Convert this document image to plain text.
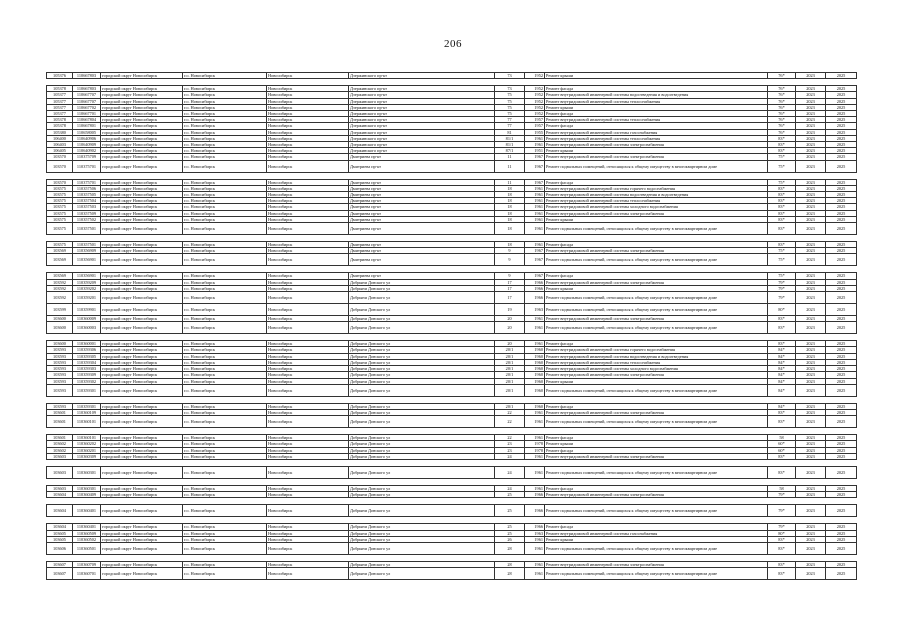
206
105376	110667803	городской округ Новосибирск	г.о. Новосибирск	Новосибирск	Дзержинского пр-кт	73	1952	Ремонт крыши	76*	2023	2025

105378	110667803	городской округ Новосибирск	г.о. Новосибирск	Новосибирск	Дзержинского пр-кт	73	1952	Ремонт фасада	76*	2023	2025
105377	110667707	городской округ Новосибирск	г.о. Новосибирск	Новосибирск	Дзержинского пр-кт	75	1952	Ремонт внутридомовой инженерной системы водоотведения и водоотведения	76*	2023	2025
105377	110667707	городской округ Новосибирск	г.о. Новосибирск	Новосибирск	Дзержинского пр-кт	75	1952	Ремонт внутридомовой инженерной системы теплоснабжения	76*	2023	2025
105377	110667702	городской округ Новосибирск	г.о. Новосибирск	Новосибирск	Дзержинского пр-кт	75	1952	Ремонт крыши	76*	2023	2025
105377	110667701	городской округ Новосибирск	г.о. Новосибирск	Новосибирск	Дзержинского пр-кт	75	1952	Ремонт фасада	76*	2023	2025
105378	110667804	городской округ Новосибирск	г.о. Новосибирск	Новосибирск	Дзержинского пр-кт	77	1957	Ремонт внутридомовой инженерной системы теплоснабжения	76*	2023	2025
105378	110667801	городской округ Новосибирск	г.о. Новосибирск	Новосибирск	Дзержинского пр-кт	77	1957	Ремонт фасада	76*	2023	2025
105380	110658005	городской округ Новосибирск	г.о. Новосибирск	Новосибирск	Дзержинского пр-кт	81	1955	Ремонт внутридомовой инженерной системы газоснабжения	76*	2023	2025
106400	110640906	городской округ Новосибирск	г.о. Новосибирск	Новосибирск	Дзержинского пр-кт	81/1	1961	Ремонт внутридомовой инженерной системы теплоснабжения	83*	2023	2025
106403	110640909	городской округ Новосибирск	г.о. Новосибирск	Новосибирск	Дзержинского пр-кт	81/1	1961	Ремонт внутридомовой инженерной системы электроснабжения	83*	2023	2025
106405	110640902	городской округ Новосибирск	г.о. Новосибирск	Новосибирск	Дзержинского пр-кт	87/1	1951	Ремонт крыши	83*	2023	2025
103570	110375709	городской округ Новосибирск	г.о. Новосибирск	Новосибирск	Дмитриева пр-кт	11	1967	Ремонт внутридомовой инженерной системы электроснабжения	75*	2023	2025
103570	110375701	городской округ Новосибирск	г.о. Новосибирск	Новосибирск	Дмитриева пр-кт	11	1967	Ремонт подвальных помещений, относящихся к общему имуществу в многоквартирном доме	75*	2023	2025

103570	110375701	городской округ Новосибирск	г.о. Новосибирск	Новосибирск	Дмитриева пр-кт	11	1967	Ремонт фасада	75*	2023	2025
103575	110357506	городской округ Новосибирск	г.о. Новосибирск	Новосибирск	Дмитриева пр-кт	18	1961	Ремонт внутридомовой инженерной системы горячего водоснабжения	83*	2023	2025
103575	110357505	городской округ Новосибирск	г.о. Новосибирск	Новосибирск	Дмитриева пр-кт	18	1961	Ремонт внутридомовой инженерной системы водоотведения и водоотведения	83*	2023	2025
103575	110357504	городской округ Новосибирск	г.о. Новосибирск	Новосибирск	Дмитриева пр-кт	18	1961	Ремонт внутридомовой инженерной системы теплоснабжения	83*	2023	2025
103575	110357503	городской округ Новосибирск	г.о. Новосибирск	Новосибирск	Дмитриева пр-кт	18	1961	Ремонт внутридомовой инженерной системы холодного водоснабжения	83*	2023	2025
103575	110357509	городской округ Новосибирск	г.о. Новосибирск	Новосибирск	Дмитриева пр-кт	18	1961	Ремонт внутридомовой инженерной системы электроснабжения	83*	2023	2025
103575	110357502	городской округ Новосибирск	г.о. Новосибирск	Новосибирск	Дмитриева пр-кт	18	1961	Ремонт крыши	83*	2023	2025
103575	110357501	городской округ Новосибирск	г.о. Новосибирск	Новосибирск	Дмитриева пр-кт	18	1961	Ремонт подвальных помещений, относящихся к общему имуществу в многоквартирном доме	83*	2023	2025

103575	110357501	городской округ Новосибирск	г.о. Новосибирск	Новосибирск	Дмитриева пр-кт	18	1961	Ремонт фасада	83*	2023	2025
103569	110356909	городской округ Новосибирск	г.о. Новосибирск	Новосибирск	Дмитриева пр-кт	9	1967	Ремонт внутридомовой инженерной системы электроснабжения	75*	2023	2025
103569	110356901	городской округ Новосибирск	г.о. Новосибирск	Новосибирск	Дмитриева пр-кт	9	1967	Ремонт подвальных помещений, относящихся к общему имуществу в многоквартирном доме	75*	2023	2025

103569	110356901	городской округ Новосибирск	г.о. Новосибирск	Новосибирск	Дмитриева пр-кт	9	1967	Ремонт фасада	75*	2023	2025
103592	110359209	городской округ Новосибирск	г.о. Новосибирск	Новосибирск	Добрыни Донского ул	17	1966	Ремонт внутридомовой инженерной системы электроснабжения	79*	2023	2025
103592	110359202	городской округ Новосибирск	г.о. Новосибирск	Новосибирск	Добрыни Донского ул	17	1966	Ремонт крыши	79*	2023	2025
103592	110359201	городской округ Новосибирск	г.о. Новосибирск	Новосибирск	Добрыни Донского ул	17	1966	Ремонт подвальных помещений, относящихся к общему имуществу в многоквартирном доме	79*	2023	2025
103599	110359901	городской округ Новосибирск	г.о. Новосибирск	Новосибирск	Добрыни Донского ул	19	1963	Ремонт подвальных помещений, относящихся к общему имуществу в многоквартирном доме	80*	2023	2025
103600	110360009	городской округ Новосибирск	г.о. Новосибирск	Новосибирск	Добрыни Донского ул	20	1961	Ремонт внутридомовой инженерной системы электроснабжения	83*	2023	2025
103600	110360003	городской округ Новосибирск	г.о. Новосибирск	Новосибирск	Добрыни Донского ул	20	1961	Ремонт подвальных помещений, относящихся к общему имуществу в многоквартирном доме	83*	2023	2025

103600	110360001	городской округ Новосибирск	г.о. Новосибирск	Новосибирск	Добрыни Донского ул	20	1961	Ремонт фасада	83*	2023	2025
103593	110359306	городской округ Новосибирск	г.о. Новосибирск	Новосибирск	Добрыни Донского ул	20/1	1960	Ремонт внутридомовой инженерной системы горячего водоснабжения	84*	2023	2025
103593	110359305	городской округ Новосибирск	г.о. Новосибирск	Новосибирск	Добрыни Донского ул	20/1	1960	Ремонт внутридомовой инженерной системы водоотведения и водоотведения	84*	2023	2025
103593	110359304	городской округ Новосибирск	г.о. Новосибирск	Новосибирск	Добрыни Донского ул	20/1	1960	Ремонт внутридомовой инженерной системы теплоснабжения	84*	2023	2025
103593	110359303	городской округ Новосибирск	г.о. Новосибирск	Новосибирск	Добрыни Донского ул	20/1	1960	Ремонт внутридомовой инженерной системы холодного водоснабжения	84*	2023	2025
103593	110359309	городской округ Новосибирск	г.о. Новосибирск	Новосибирск	Добрыни Донского ул	20/1	1960	Ремонт внутридомовой инженерной системы электроснабжения	84*	2023	2025
103593	110359302	городской округ Новосибирск	г.о. Новосибирск	Новосибирск	Добрыни Донского ул	20/1	1960	Ремонт крыши	84*	2023	2025
103593	110359301	городской округ Новосибирск	г.о. Новосибирск	Новосибирск	Добрыни Донского ул	20/1	1960	Ремонт подвальных помещений, относящихся к общему имуществу в многоквартирном доме	84*	2023	2025

103593	110359301	городской округ Новосибирск	г.о. Новосибирск	Новосибирск	Добрыни Донского ул	20/1	1960	Ремонт фасада	84*	2023	2025
103601	110360109	городской округ Новосибирск	г.о. Новосибирск	Новосибирск	Добрыни Донского ул	22	1961	Ремонт внутридомовой инженерной системы электроснабжения	83*	2023	2025
103601	110360101	городской округ Новосибирск	г.о. Новосибирск	Новосибирск	Добрыни Донского ул	22	1961	Ремонт подвальных помещений, относящихся к общему имуществу в многоквартирном доме	83*	2023	2025

103601	110360101	городской округ Новосибирск	г.о. Новосибирск	Новосибирск	Добрыни Донского ул	22	1961	Ремонт фасада	58	2023	2025
103602	110360202	городской округ Новосибирск	г.о. Новосибирск	Новосибирск	Добрыни Донского ул	23	1978	Ремонт крыши	60*	2023	2025
103602	110360201	городской округ Новосибирск	г.о. Новосибирск	Новосибирск	Добрыни Донского ул	23	1978	Ремонт фасада	60*	2023	2025
103603	110360309	городской округ Новосибирск	г.о. Новосибирск	Новосибирск	Добрыни Донского ул	24	1961	Ремонт внутридомовой инженерной системы электроснабжения	83*	2023	2025

103603	110360301	городской округ Новосибирск	г.о. Новосибирск	Новосибирск	Добрыни Донского ул	24	1961	Ремонт подвальных помещений, относящихся к общему имуществу в многоквартирном доме	83*	2023	2025

103603	110360301	городской округ Новосибирск	г.о. Новосибирск	Новосибирск	Добрыни Донского ул	24	1961	Ремонт фасада	58	2023	2025
103604	110360409	городской округ Новосибирск	г.о. Новосибирск	Новосибирск	Добрыни Донского ул	25	1966	Ремонт внутридомовой инженерной системы электроснабжения	79*	2023	2025

103604	110360401	городской округ Новосибирск	г.о. Новосибирск	Новосибирск	Добрыни Донского ул	25	1966	Ремонт подвальных помещений, относящихся к общему имуществу в многоквартирном доме	79*	2023	2025

103604	110360401	городской округ Новосибирск	г.о. Новосибирск	Новосибирск	Добрыни Донского ул	25	1966	Ремонт фасада	79*	2023	2025
103605	110360509	городской округ Новосибирск	г.о. Новосибирск	Новосибирск	Добрыни Донского ул	25	1963	Ремонт внутридомовой инженерной системы газоснабжения	80*	2023	2025
103605	110360502	городской округ Новосибирск	г.о. Новосибирск	Новосибирск	Добрыни Донского ул	26	1961	Ремонт крыши	83*	2023	2025
103606	110360501	городской округ Новосибирск	г.о. Новосибирск	Новосибирск	Добрыни Донского ул	28	1961	Ремонт подвальных помещений, относящихся к общему имуществу в многоквартирном доме	83*	2023	2025

103607	110360709	городской округ Новосибирск	г.о. Новосибирск	Новосибирск	Добрыни Донского ул	28	1961	Ремонт внутридомовой инженерной системы электроснабжения	83*	2023	2025
103607	110360701	городской округ Новосибирск	г.о. Новосибирск	Новосибирск	Добрыни Донского ул	28	1961	Ремонт подвальных помещений, относящихся к общему имуществу в многоквартирном доме	83*	2023	2025
